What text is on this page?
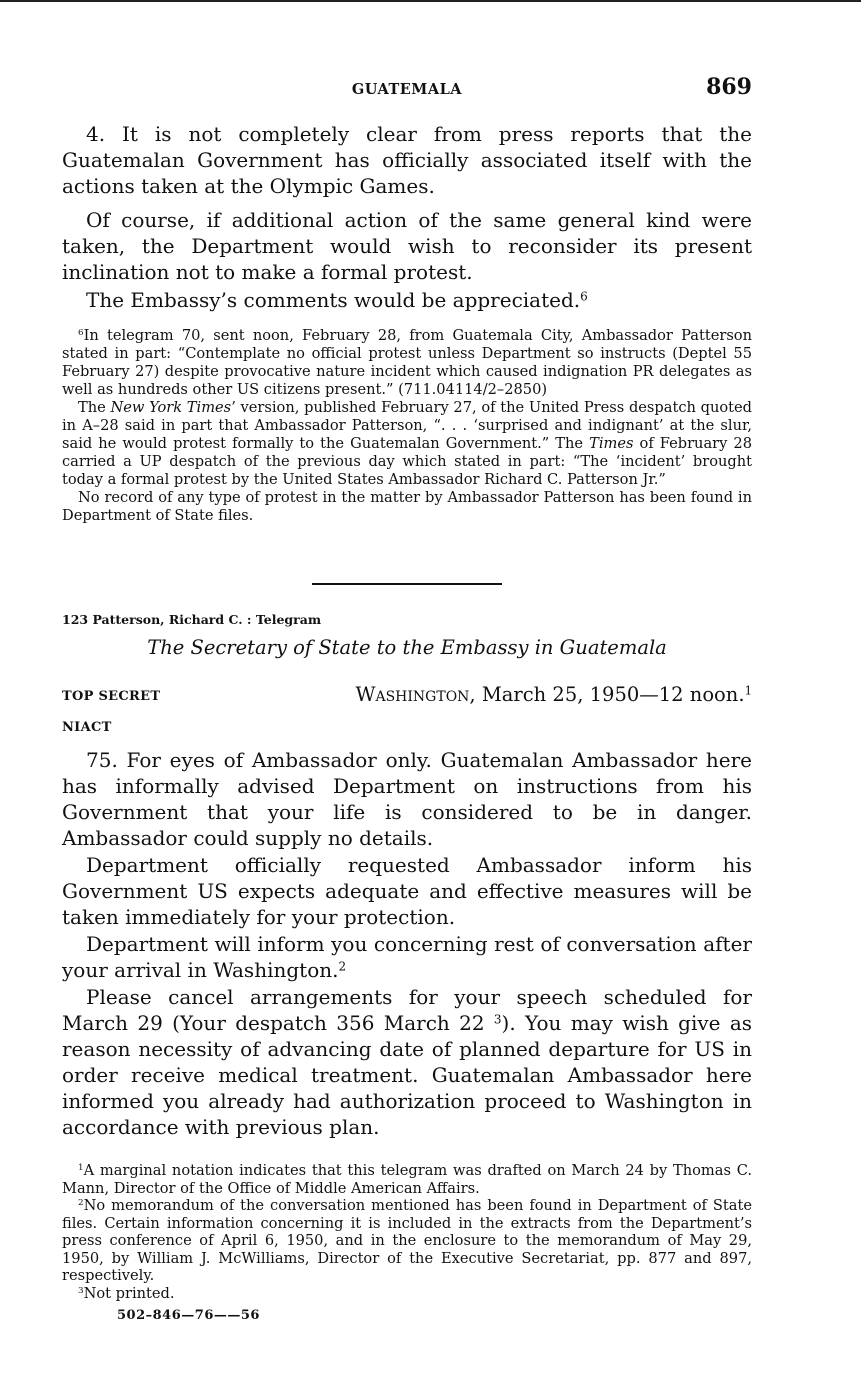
GUATEMALA	869

4. It is not completely clear from press reports that the Guatemalan Government has officially associated itself with the actions taken at the Olympic Games.

Of course, if additional action of the same general kind were taken, the Department would wish to reconsider its present inclination not to make a formal protest.

The Embassy’s comments would be appreciated.$^6$

$^6$In telegram 70, sent noon, February 28, from Guatemala City, Ambassador Patterson stated in part: “Contemplate no official protest unless Department so instructs (Deptel 55 February 27) despite provocative nature incident which caused indignation PR delegates as well as hundreds other US citizens present.” (711.04114/2–2850)

The New York Times’ version, published February 27, of the United Press despatch quoted in A–28 said in part that Ambassador Patterson, “. . . ‘surprised and indignant’ at the slur, said he would protest formally to the Guatemalan Government.” The Times of February 28 carried a UP despatch of the previous day which stated in part: “The ‘incident’ brought today a formal protest by the United States Ambassador Richard C. Patterson Jr.”

No record of any type of protest in the matter by Ambassador Patterson has been found in Department of State files.

123 Patterson, Richard C. : Telegram
The Secretary of State to the Embassy in Guatemala
TOP SECRET	Washington, March 25, 1950—12 noon.$^1$
NIACT

75. For eyes of Ambassador only. Guatemalan Ambassador here has informally advised Department on instructions from his Government that your life is considered to be in danger. Ambassador could supply no details.

Department officially requested Ambassador inform his Government US expects adequate and effective measures will be taken immediately for your protection.

Department will inform you concerning rest of conversation after your arrival in Washington.$^2$

Please cancel arrangements for your speech scheduled for March 29 (Your despatch 356 March 22 $^3$). You may wish give as reason necessity of advancing date of planned departure for US in order receive medical treatment. Guatemalan Ambassador here informed you already had authorization proceed to Washington in accordance with previous plan.

$^1$A marginal notation indicates that this telegram was drafted on March 24 by Thomas C. Mann, Director of the Office of Middle American Affairs.

$^2$No memorandum of the conversation mentioned has been found in Department of State files. Certain information concerning it is included in the extracts from the Department’s press conference of April 6, 1950, and in the enclosure to the memorandum of May 29, 1950, by William J. McWilliams, Director of the Executive Secretariat, pp. 877 and 897, respectively.

$^3$Not printed.

502–846—76——56
